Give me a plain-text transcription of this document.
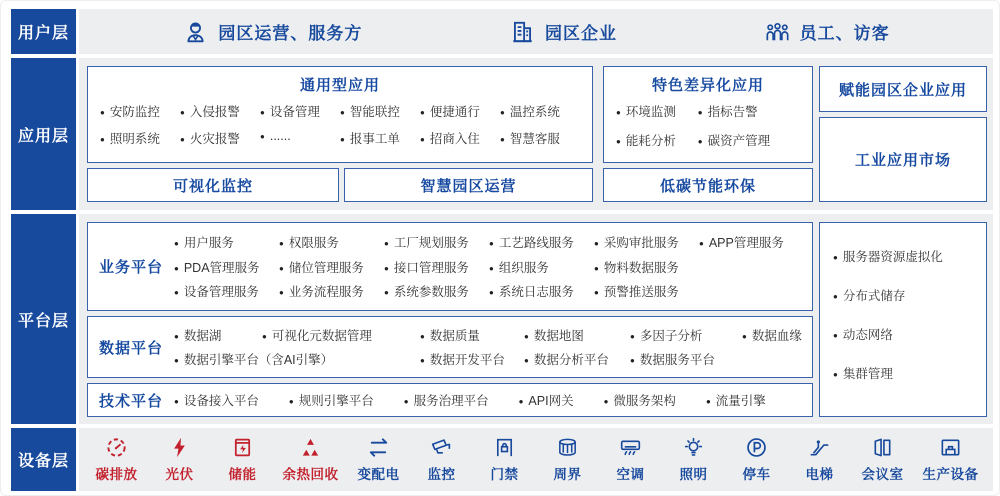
用户层	园区运营、服务方	园区企业	员工、访客
应用层
通用型应用
● 安防监控	● 入侵报警	● 设备管理	● 智能联控	● 便捷通行	● 温控系统
● 照明系统	● 火灾报警	● ......	● 报事工单	● 招商入住	● 智慧客服
特色差异化应用
● 环境监测	● 指标告警
● 能耗分析	● 碳资产管理
赋能园区企业应用
工业应用市场
可视化监控	智慧园区运营	低碳节能环保
平台层
业务平台
● 用户服务	● 权限服务	● 工厂规划服务	● 工艺路线服务	● 采购审批服务	● APP管理服务
● PDA管理服务	● 储位管理服务	● 接口管理服务	● 组织服务	● 物料数据服务
● 设备管理服务	● 业务流程服务	● 系统参数服务	● 系统日志服务	● 预警推送服务
数据平台
● 数据湖	● 可视化元数据管理	● 数据质量	● 数据地图	● 多因子分析	● 数据血缘
● 数据引擎平台（含AI引擎）	● 数据开发平台	● 数据分析平台	● 数据服务平台
技术平台	● 设备接入平台	● 规则引擎平台	● 服务治理平台	● API网关	● 微服务架构	● 流量引擎
● 服务器资源虚拟化
● 分布式储存
● 动态网络
● 集群管理
设备层
碳排放 光伏	储能 余热回收 变配电 监控	门禁	周界	空调	照明	停车	电梯 会议室 生产设备
